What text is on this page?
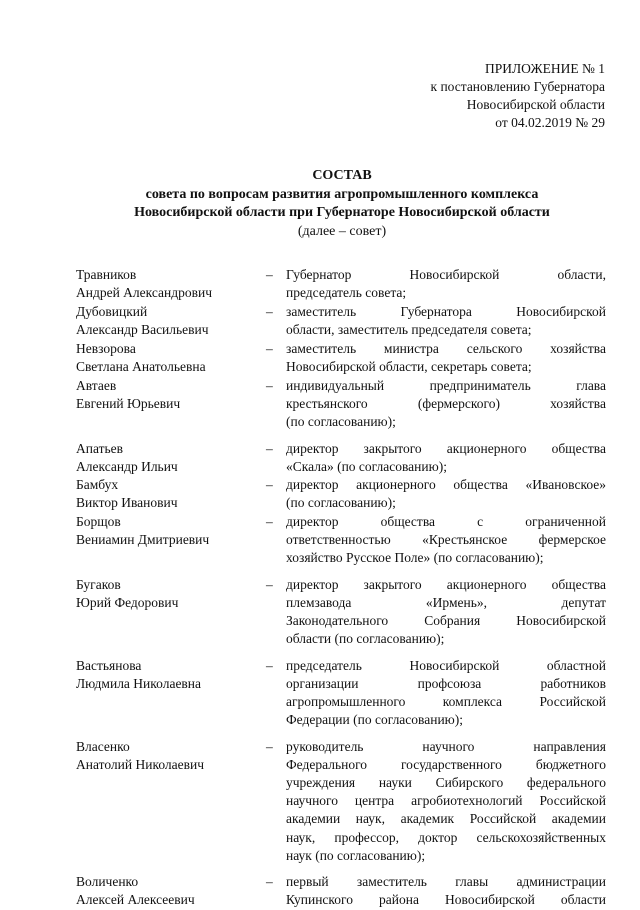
ПРИЛОЖЕНИЕ № 1
к постановлению Губернатора
Новосибирской области
от 04.02.2019 № 29
СОСТАВ
совета по вопросам развития агропромышленного комплекса
Новосибирской области при Губернаторе Новосибирской области
(далее – совет)
Травников
Андрей Александрович
– Губернатор Новосибирской области,
председатель совета;
Дубовицкий
Александр Васильевич
– заместитель Губернатора Новосибирской
области, заместитель председателя совета;
Невзорова
Светлана Анатольевна
– заместитель министра сельского хозяйства
Новосибирской области, секретарь совета;
Автаев
Евгений Юрьевич
– индивидуальный предприниматель глава
крестьянского (фермерского) хозяйства
(по согласованию);
Апатьев
Александр Ильич
– директор закрытого акционерного общества
«Скала» (по согласованию);
Бамбух
Виктор Иванович
– директор акционерного общества «Ивановское»
(по согласованию);
Борщов
Вениамин Дмитриевич
– директор общества с ограниченной
ответственностью «Крестьянское фермерское
хозяйство Русское Поле» (по согласованию);
Бугаков
Юрий Федорович
– директор закрытого акционерного общества
племзавода «Ирмень», депутат
Законодательного Собрания Новосибирской
области (по согласованию);
Вастьянова
Людмила Николаевна
– председатель Новосибирской областной
организации профсоюза работников
агропромышленного комплекса Российской
Федерации (по согласованию);
Власенко
Анатолий Николаевич
– руководитель научного направления
Федерального государственного бюджетного
учреждения науки Сибирского федерального
научного центра агробиотехнологий Российской
академии наук, академик Российской академии
наук, профессор, доктор сельскохозяйственных
наук (по согласованию);
Воличенко
Алексей Алексеевич
– первый заместитель главы администрации
Купинского района Новосибирской области
